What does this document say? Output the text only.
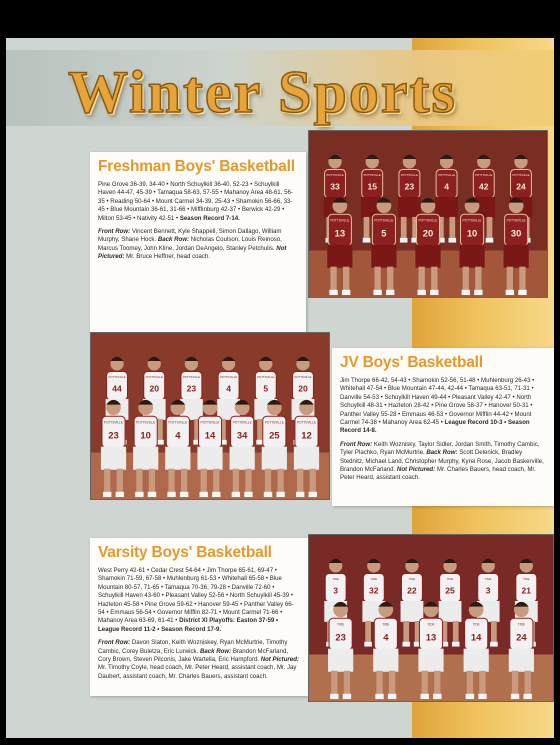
Winter Sports
Freshman Boys' Basketball

Pine Grove 36-39, 34-40 • North Schuylkill 36-40, 52-23 • Schuylkill Haven 44-47, 45-39 • Tamaqua 58-63, 57-55 • Mahanoy Area 48-61, 56-35 • Reading 50-64 • Mount Carmel 34-39, 25-43 • Shamokin 56-66, 33-45 • Blue Mountain 36-61, 31-66 • Mifflinburg 42-37 • Berwick 42-29 • Milton 53-45 • Nativity 42-51 • Season Record 7-14.

Front Row: Vincent Bennett, Kyle Shappell, Simon Dallago, William Murphy, Shane Hock. Back Row: Nicholas Coulson, Louis Reinoso, Marcus Toomey, John Kline, Jordan DeAngelo, Stanley Petchulis. Not Pictured: Mr. Bruce Heffner, head coach.

33
POTTSVILLE
15
POTTSVILLE
23
POTTSVILLE
4
POTTSVILLE
42
POTTSVILLE
24
POTTSVILLE
13
POTTSVILLE
5
POTTSVILLE
20
POTTSVILLE
10
POTTSVILLE
30
POTTSVILLE
44
POTTSVILLE
20
POTTSVILLE
23
POTTSVILLE
4
POTTSVILLE
5
POTTSVILLE
20
POTTSVILLE
23
POTTSVILLE
10
POTTSVILLE
4
POTTSVILLE
14
POTTSVILLE
34
POTTSVILLE
25
POTTSVILLE
12
POTTSVILLE
JV Boys' Basketball

Jim Thorpe 66-42, 54-43 • Shamokin 52-56, 51-48 • Muhlenburg 26-43 • Whitehall 47-54 • Blue Mountain 47-44, 42-44 • Tamaqua 63-51, 71-31 • Danville 54-53 • Schuylkill Haven 49-44 • Pleasant Valley 42-47 • North Schuylkill 48-31 • Hazleton 28-42 • Pine Grove 58-37 • Hanover 50-31 • Panther Valley 55-28 • Emmaus 46-53 • Governor Mifflin 44-42 • Mount Carmel 74-38 • Mahanoy Area 62-45 • League Record 10-3 • Season Record 14-8.

Front Row: Keith Woznisky, Taylor Sidler, Jordan Smith, Timothy Cambic, Tyler Plachko, Ryan McMurtrie. Back Row: Scott Delenick, Bradley Stednitz, Michael Land, Christopher Murphy, Kyrei Rose, Jacob Baskerville, Brandon McFarland. Not Pictured: Mr. Charles Bauers, head coach, Mr. Peter Heard, assistant coach.

Varsity Boys' Basketball

West Perry 42-61 • Cedar Crest 54-64 • Jim Thorpe 65-61, 69-47 • Shamokin 71-59, 67-58 • Muhlenburg 61-53 • Whitehall 65-58 • Blue Mountain 80-57, 71-65 • Tamaqua 70-36, 79-28 • Danville 72-60 • Schuylkill Haven 43-60 • Pleasant Valley 52-56 • North Schuylkill 45-39 • Hazleton 45-58 • Pine Grove 59-62 • Hanover 59-45 • Panther Valley 66-54 • Emmaus 56-54 • Governor Mifflin 82-71 • Mount Carmel 71-66 • Mahanoy Area 63-69, 61-41 • District XI Playoffs: Easton 37-59 • League Record 11-2 • Season Record 17-9.

Front Row: Davon Slaton, Keith Wozniskey, Ryan McMurtrie, Timothy Cambic, Corey Buletza, Eric Lurwick. Back Row: Brandon McFarland, Cory Brown, Steven Pilconis, Jake Wartella, Eric Hampford. Not Pictured: Mr. Timothy Coyle, head coach, Mr. Peter Heard, assistant coach, Mr. Jay Daubert, assistant coach, Mr. Charles Bauers, assistant coach.

3
TIDE
32
TIDE
22
TIDE
25
TIDE
3
TIDE
21
TIDE
23
TIDE
4
TIDE
13
TIDE
14
TIDE
24
TIDE
